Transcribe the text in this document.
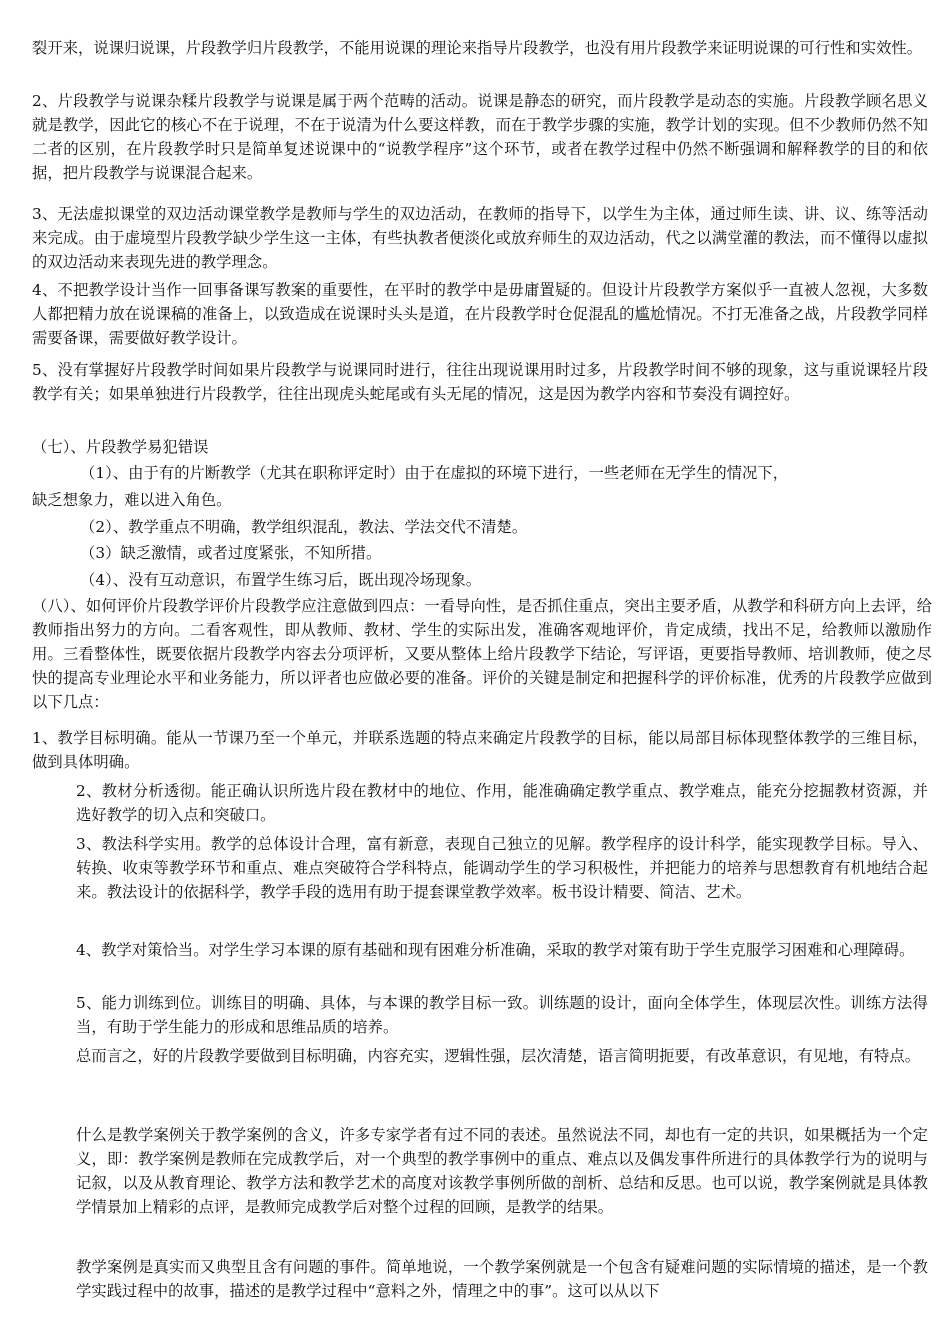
裂开来，说课归说课，片段教学归片段教学，不能用说课的理论来指导片段教学，也没有用片段教学来证明说课的可行性和实效性。

2、片段教学与说课杂糅片段教学与说课是属于两个范畴的活动。说课是静态的研究，而片段教学是动态的实施。片段教学顾名思义就是教学，因此它的核心不在于说理，不在于说清为什么要这样教，而在于教学步骤的实施，教学计划的实现。但不少教师仍然不知二者的区别，在片段教学时只是简单复述说课中的“说教学程序”这个环节，或者在教学过程中仍然不断强调和解释教学的目的和依据，把片段教学与说课混合起来。

3、无法虚拟课堂的双边活动课堂教学是教师与学生的双边活动，在教师的指导下，以学生为主体，通过师生读、讲、议、练等活动来完成。由于虚境型片段教学缺少学生这一主体，有些执教者便淡化或放弃师生的双边活动，代之以满堂灌的教法，而不懂得以虚拟的双边活动来表现先进的教学理念。

4、不把教学设计当作一回事备课写教案的重要性，在平时的教学中是毋庸置疑的。但设计片段教学方案似乎一直被人忽视，大多数人都把精力放在说课稿的准备上，以致造成在说课时头头是道，在片段教学时仓促混乱的尴尬情况。不打无准备之战，片段教学同样需要备课，需要做好教学设计。

5、没有掌握好片段教学时间如果片段教学与说课同时进行，往往出现说课用时过多，片段教学时间不够的现象，这与重说课轻片段教学有关；如果单独进行片段教学，往往出现虎头蛇尾或有头无尾的情况，这是因为教学内容和节奏没有调控好。

（七）、片段教学易犯错误

（1）、由于有的片断教学（尤其在职称评定时）由于在虚拟的环境下进行，一些老师在无学生的情况下，

缺乏想象力，难以进入角色。

（2）、教学重点不明确，教学组织混乱，教法、学法交代不清楚。

（3）缺乏激情，或者过度紧张，不知所措。

（4）、没有互动意识，布置学生练习后，既出现冷场现象。

（八）、如何评价片段教学评价片段教学应注意做到四点：一看导向性，是否抓住重点，突出主要矛盾，从教学和科研方向上去评，给教师指出努力的方向。二看客观性，即从教师、教材、学生的实际出发，准确客观地评价，肯定成绩，找出不足，给教师以激励作用。三看整体性，既要依据片段教学内容去分项评析，又要从整体上给片段教学下结论，写评语，更要指导教师、培训教师，使之尽快的提高专业理论水平和业务能力，所以评者也应做必要的准备。评价的关键是制定和把握科学的评价标准，优秀的片段教学应做到以下几点：

1、教学目标明确。能从一节课乃至一个单元，并联系选题的特点来确定片段教学的目标，能以局部目标体现整体教学的三维目标，做到具体明确。

2、教材分析透彻。能正确认识所选片段在教材中的地位、作用，能准确确定教学重点、教学难点，能充分挖掘教材资源，并选好教学的切入点和突破口。

3、教法科学实用。教学的总体设计合理，富有新意，表现自己独立的见解。教学程序的设计科学，能实现教学目标。导入、转换、收束等教学环节和重点、难点突破符合学科特点，能调动学生的学习积极性，并把能力的培养与思想教育有机地结合起来。教法设计的依据科学，教学手段的选用有助于提套课堂教学效率。板书设计精要、简洁、艺术。

4、教学对策恰当。对学生学习本课的原有基础和现有困难分析准确，采取的教学对策有助于学生克服学习困难和心理障碍。

5、能力训练到位。训练目的明确、具体，与本课的教学目标一致。训练题的设计，面向全体学生，体现层次性。训练方法得当，有助于学生能力的形成和思维品质的培养。

总而言之，好的片段教学要做到目标明确，内容充实，逻辑性强，层次清楚，语言简明扼要，有改革意识，有见地，有特点。

什么是教学案例关于教学案例的含义，许多专家学者有过不同的表述。虽然说法不同，却也有一定的共识，如果概括为一个定义，即：教学案例是教师在完成教学后，对一个典型的教学事例中的重点、难点以及偶发事件所进行的具体教学行为的说明与记叙，以及从教育理论、教学方法和教学艺术的高度对该教学事例所做的剖析、总结和反思。也可以说，教学案例就是具体教学情景加上精彩的点评，是教师完成教学后对整个过程的回顾，是教学的结果。

教学案例是真实而又典型且含有问题的事件。简单地说，一个教学案例就是一个包含有疑难问题的实际情境的描述，是一个教学实践过程中的故事，描述的是教学过程中“意料之外，情理之中的事”。这可以从以下
